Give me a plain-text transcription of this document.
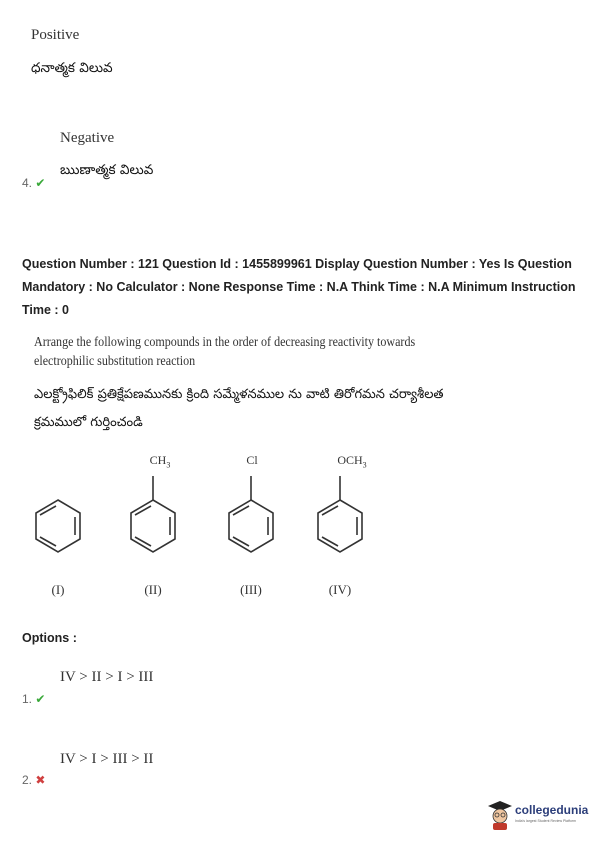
Positive
ధనాత్మక విలువ
Negative
ఋణాత్మక విలువ
4. ✔
Question Number : 121 Question Id : 1455899961 Display Question Number : Yes Is Question
Mandatory : No Calculator : None Response Time : N.A Think Time : N.A Minimum Instruction
Time : 0
Arrange the following compounds in the order of decreasing reactivity towards
electrophilic substitution reaction
ఎలక్ట్రోఫిలిక్ ప్రతిక్షేపణమునకు క్రింది సమ్మేళనముల ను వాటి తిరోగమన చర్యాశీలత
క్రమములో గుర్తించండి
$CH_3$	Cl	$OCH_3$
(I)	(II)	(III)	(IV)
Options :
IV > II > I > III
1. ✔
IV > I > III > II
2. ✖
collegedunia
India's largest Student Review Platform
